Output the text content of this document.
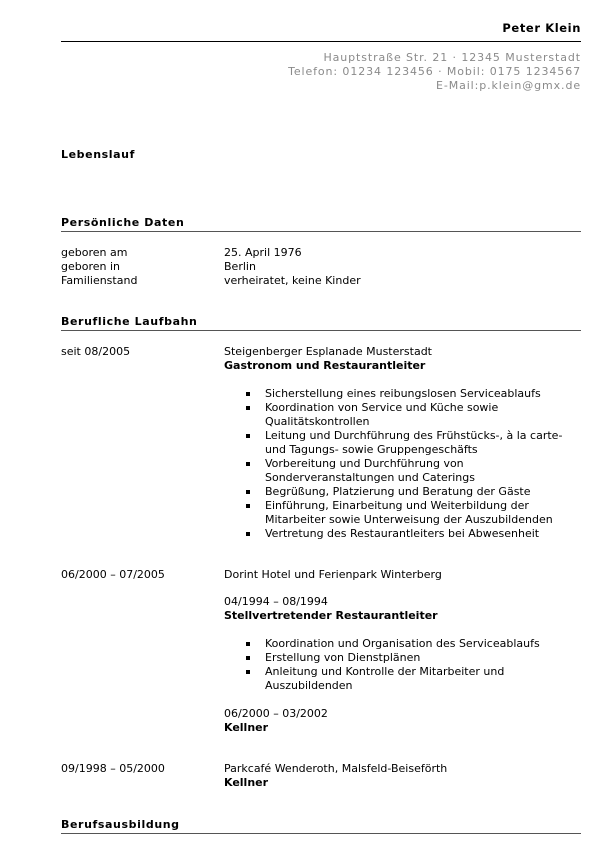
Peter Klein
Hauptstraße Str. 21 · 12345 Musterstadt
Telefon: 01234 123456 · Mobil: 0175 1234567
E-Mail:p.klein@gmx.de
Lebenslauf
Persönliche Daten
geboren am	25. April 1976
geboren in	Berlin
Familienstand	verheiratet, keine Kinder
Berufliche Laufbahn
seit 08/2005	Steigenberger Esplanade Musterstadt
Gastronom und Restaurantleiter
Sicherstellung eines reibungslosen Serviceablaufs
Koordination von Service und Küche sowie Qualitätskontrollen
Leitung und Durchführung des Frühstücks-, à la carte- und Tagungs- sowie Gruppengeschäfts
Vorbereitung und Durchführung von Sonderveranstaltungen und Caterings
Begrüßung, Platzierung und Beratung der Gäste
Einführung, Einarbeitung und Weiterbildung der Mitarbeiter sowie Unterweisung der Auszubildenden
Vertretung des Restaurantleiters bei Abwesenheit
06/2000 – 07/2005	Dorint Hotel und Ferienpark Winterberg
04/1994 – 08/1994
Stellvertretender Restaurantleiter
Koordination und Organisation des Serviceablaufs
Erstellung von Dienstplänen
Anleitung und Kontrolle der Mitarbeiter und Auszubildenden
06/2000 – 03/2002
Kellner
09/1998 – 05/2000	Parkcafé Wenderoth, Malsfeld-Beiseförth
Kellner
Berufsausbildung
